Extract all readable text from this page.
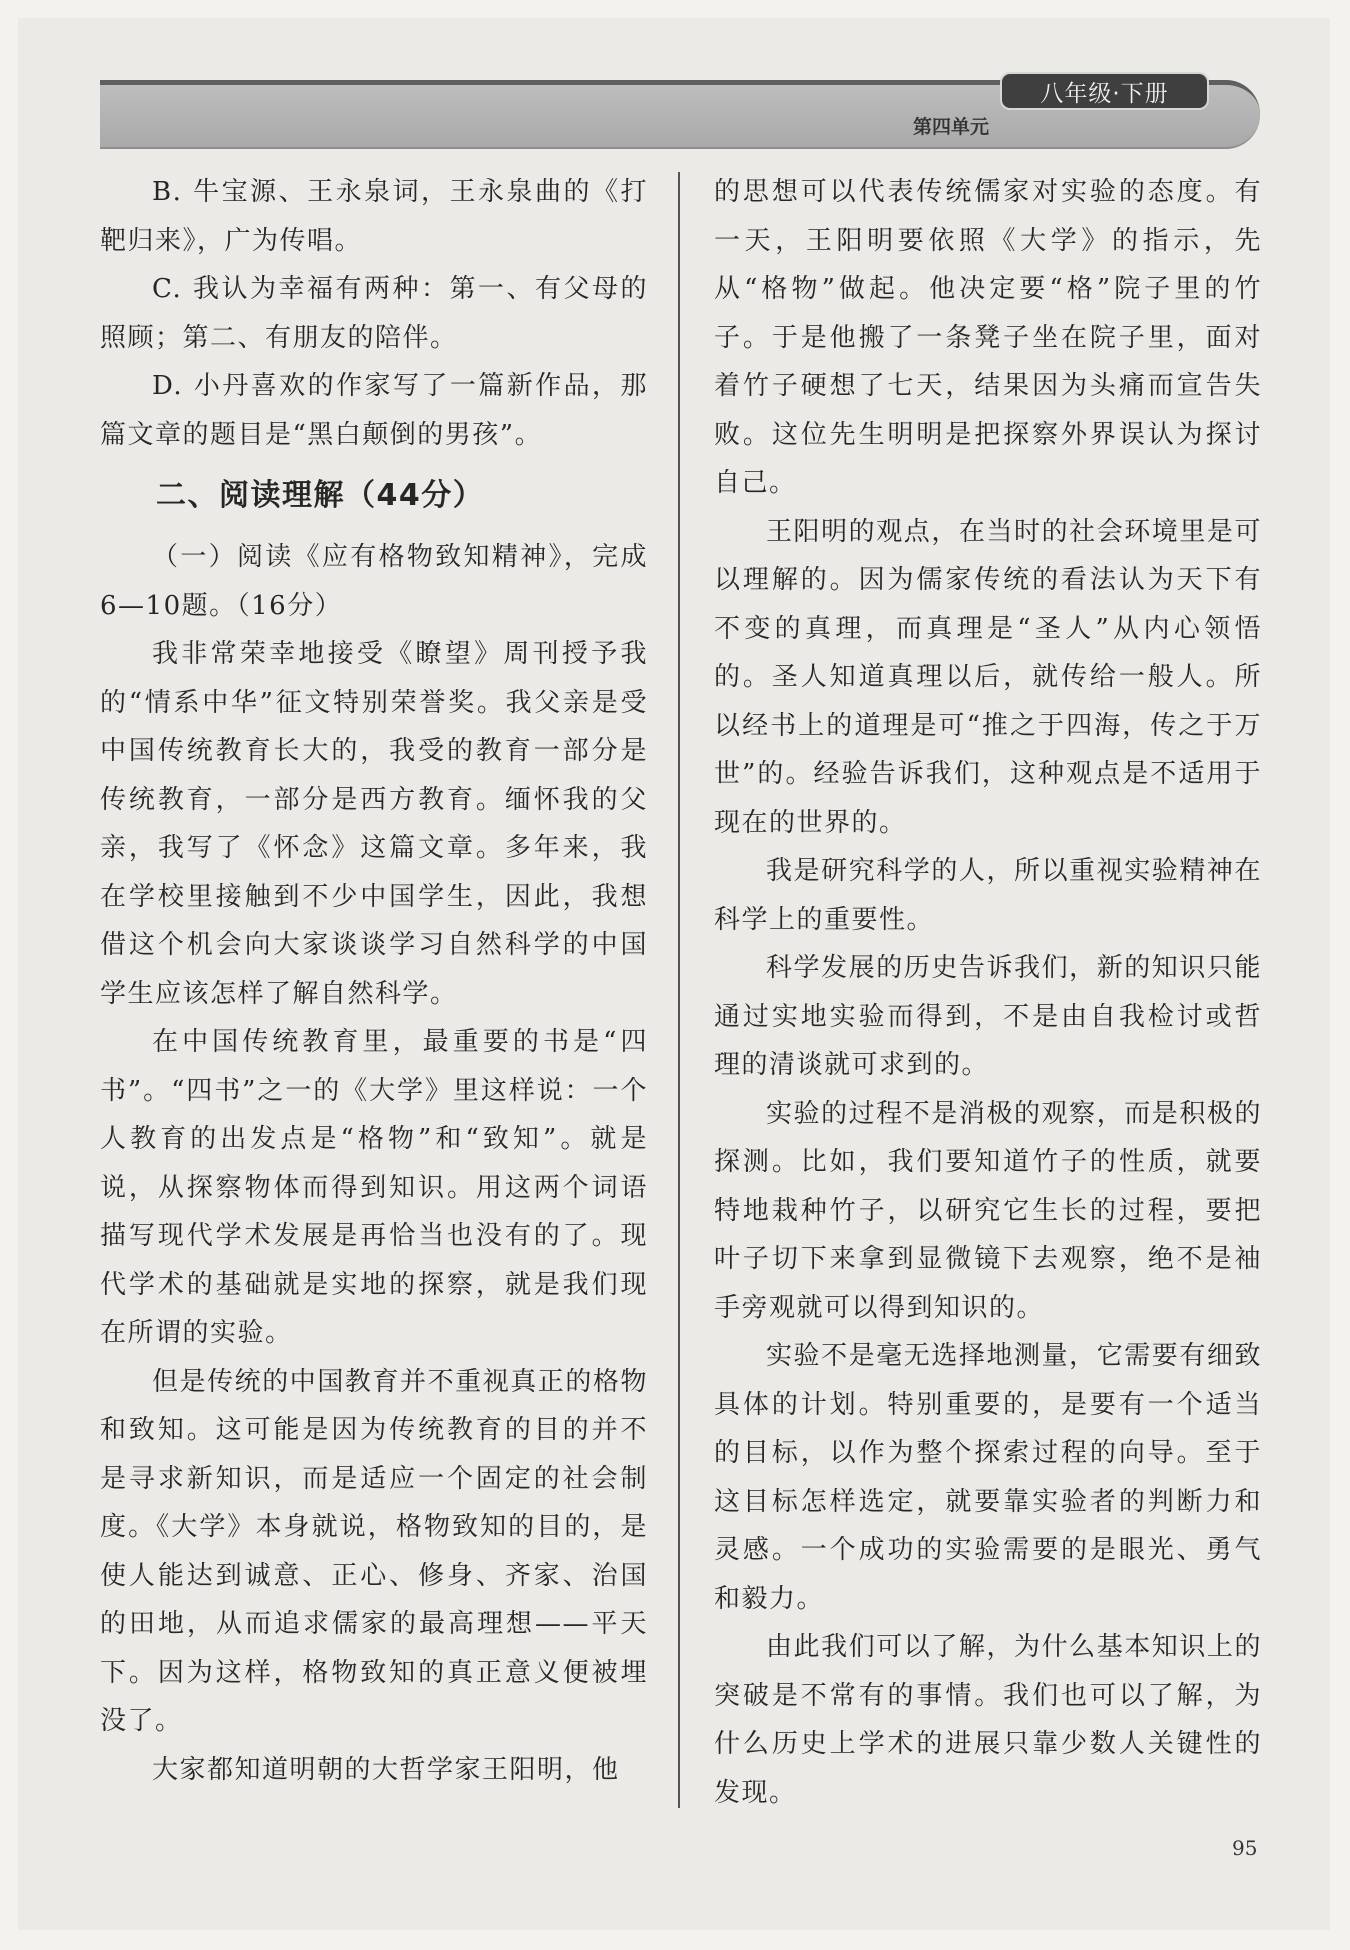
八年级·下册
第四单元

B. 牛宝源、王永泉词，王永泉曲的《打靶归来》，广为传唱。

C. 我认为幸福有两种：第一、有父母的照顾；第二、有朋友的陪伴。

D. 小丹喜欢的作家写了一篇新作品，那篇文章的题目是“黑白颠倒的男孩”。

二、阅读理解（44分）

（一）阅读《应有格物致知精神》，完成6—10题。（16分）

我非常荣幸地接受《瞭望》周刊授予我的“情系中华”征文特别荣誉奖。我父亲是受中国传统教育长大的，我受的教育一部分是传统教育，一部分是西方教育。缅怀我的父亲，我写了《怀念》这篇文章。多年来，我在学校里接触到不少中国学生，因此，我想借这个机会向大家谈谈学习自然科学的中国学生应该怎样了解自然科学。

在中国传统教育里，最重要的书是“四书”。“四书”之一的《大学》里这样说：一个人教育的出发点是“格物”和“致知”。就是说，从探察物体而得到知识。用这两个词语描写现代学术发展是再恰当也没有的了。现代学术的基础就是实地的探察，就是我们现在所谓的实验。

但是传统的中国教育并不重视真正的格物和致知。这可能是因为传统教育的目的并不是寻求新知识，而是适应一个固定的社会制度。《大学》本身就说，格物致知的目的，是使人能达到诚意、正心、修身、齐家、治国的田地，从而追求儒家的最高理想——平天下。因为这样，格物致知的真正意义便被埋没了。

大家都知道明朝的大哲学家王阳明，他

的思想可以代表传统儒家对实验的态度。有一天，王阳明要依照《大学》的指示，先从“格物”做起。他决定要“格”院子里的竹子。于是他搬了一条凳子坐在院子里，面对着竹子硬想了七天，结果因为头痛而宣告失败。这位先生明明是把探察外界误认为探讨自己。

王阳明的观点，在当时的社会环境里是可以理解的。因为儒家传统的看法认为天下有不变的真理，而真理是“圣人”从内心领悟的。圣人知道真理以后，就传给一般人。所以经书上的道理是可“推之于四海，传之于万世”的。经验告诉我们，这种观点是不适用于现在的世界的。

我是研究科学的人，所以重视实验精神在科学上的重要性。

科学发展的历史告诉我们，新的知识只能通过实地实验而得到，不是由自我检讨或哲理的清谈就可求到的。

实验的过程不是消极的观察，而是积极的探测。比如，我们要知道竹子的性质，就要特地栽种竹子，以研究它生长的过程，要把叶子切下来拿到显微镜下去观察，绝不是袖手旁观就可以得到知识的。

实验不是毫无选择地测量，它需要有细致具体的计划。特别重要的，是要有一个适当的目标，以作为整个探索过程的向导。至于这目标怎样选定，就要靠实验者的判断力和灵感。一个成功的实验需要的是眼光、勇气和毅力。

由此我们可以了解，为什么基本知识上的突破是不常有的事情。我们也可以了解，为什么历史上学术的进展只靠少数人关键性的发现。

95
